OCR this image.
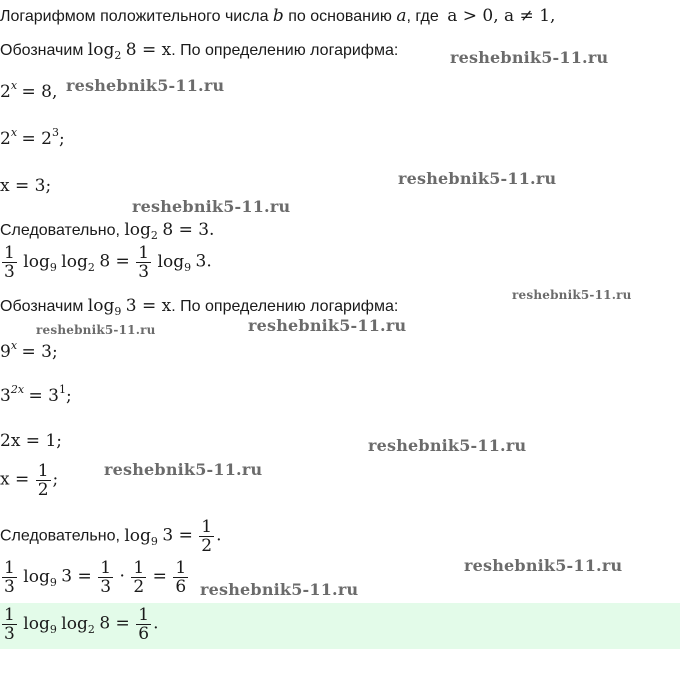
Логарифмом положительного числа b по основанию a, где a > 0, a ≠ 1,
Обозначим $\log_2 8 = x$. По определению логарифма:
$2^x = 8$,
$2^x = 2^3$;
x = 3;
Следовательно, $\log_2 8 = 3$.
$\frac{1}{3} \log_9 \log_2 8 = \frac{1}{3} \log_9 3$.
Обозначим $\log_9 3 = x$. По определению логарифма:
$9^x = 3$;
$3^{2x} = 3^1$;
2x = 1;
$x = \frac{1}{2}$ ;
Следовательно, $\log_9 3 = \frac{1}{2}$ .
$\frac{1}{3} \log_9 3 = \frac{1}{3} \cdot \frac{1}{2} = \frac{1}{6}$
$\frac{1}{3} \log_9 \log_2 8 = \frac{1}{6}$ .
reshebnik5-11.ru
reshebnik5-11.ru
reshebnik5-11.ru
reshebnik5-11.ru
reshebnik5-11.ru
reshebnik5-11.ru
reshebnik5-11.ru
reshebnik5-11.ru
reshebnik5-11.ru
reshebnik5-11.ru
reshebnik5-11.ru
